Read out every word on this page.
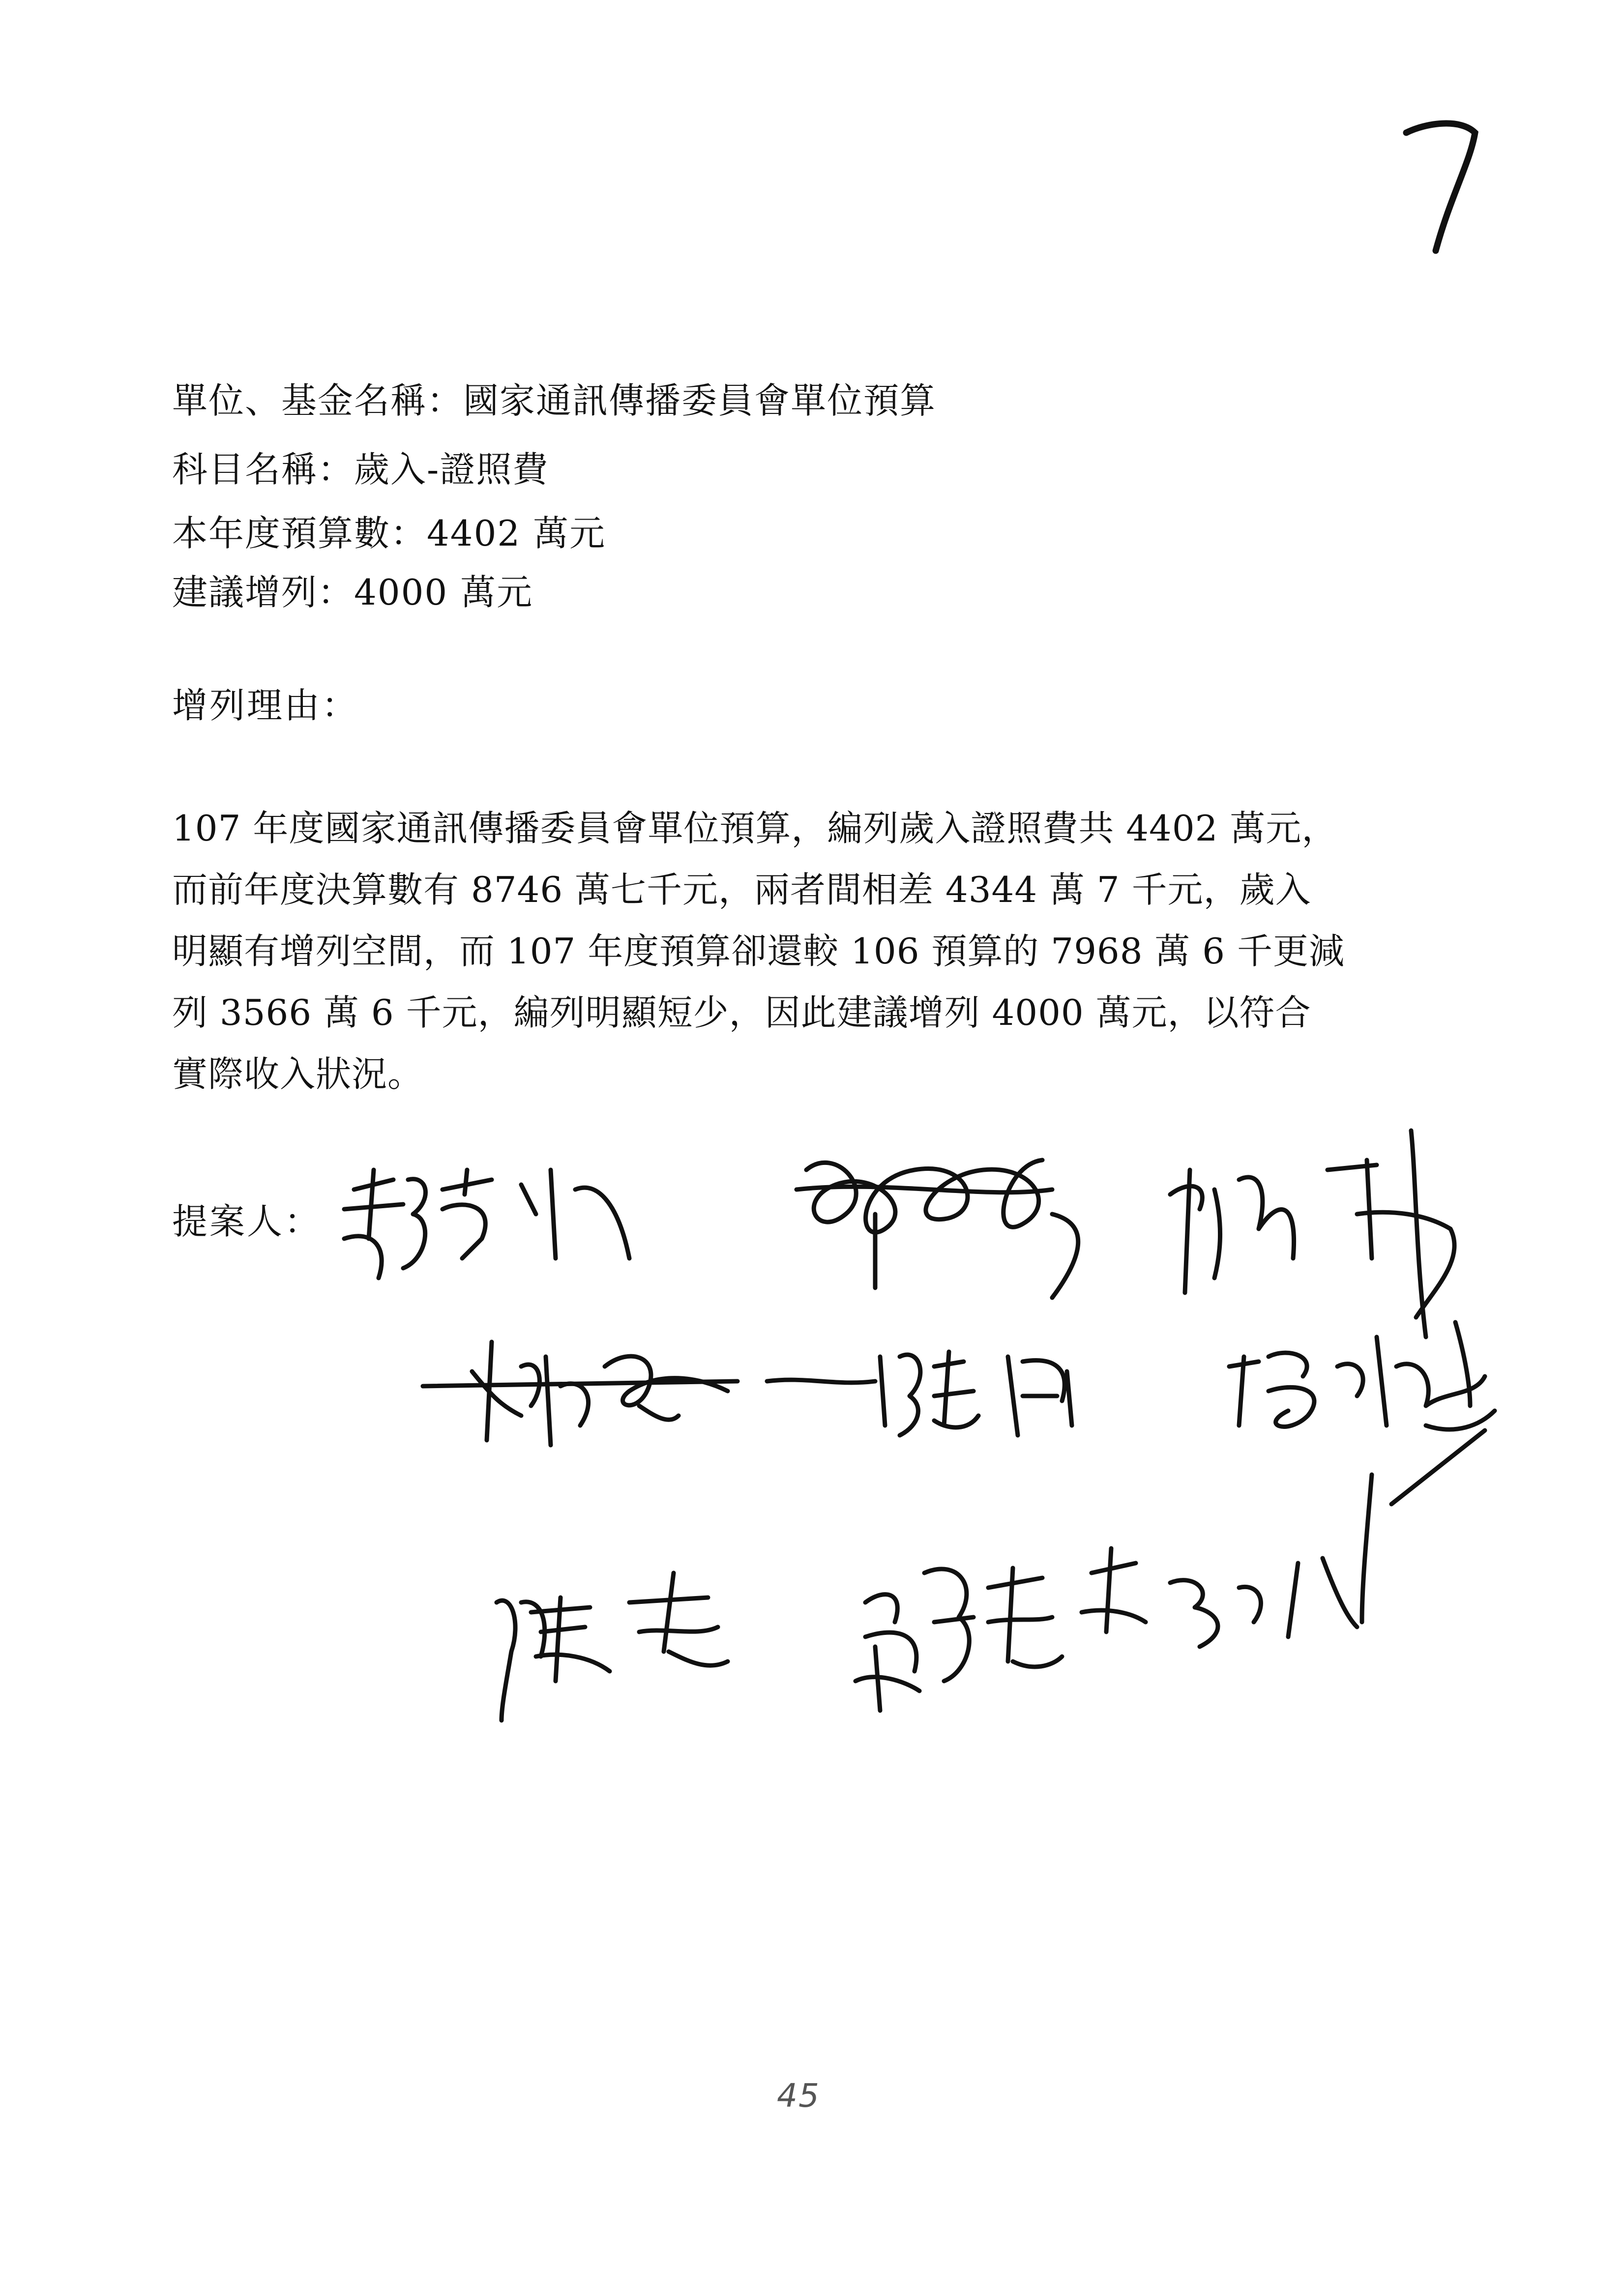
單位、基金名稱：國家通訊傳播委員會單位預算
科目名稱：歲入-證照費
本年度預算數：4402 萬元
建議增列：4000 萬元
增列理由：
107 年度國家通訊傳播委員會單位預算，編列歲入證照費共 4402 萬元，
而前年度決算數有 8746 萬七千元，兩者間相差 4344 萬 7 千元，歲入
明顯有增列空間，而 107 年度預算卻還較 106 預算的 7968 萬 6 千更減
列 3566 萬 6 千元，編列明顯短少，因此建議增列 4000 萬元，以符合
實際收入狀況。
提案人：
45
